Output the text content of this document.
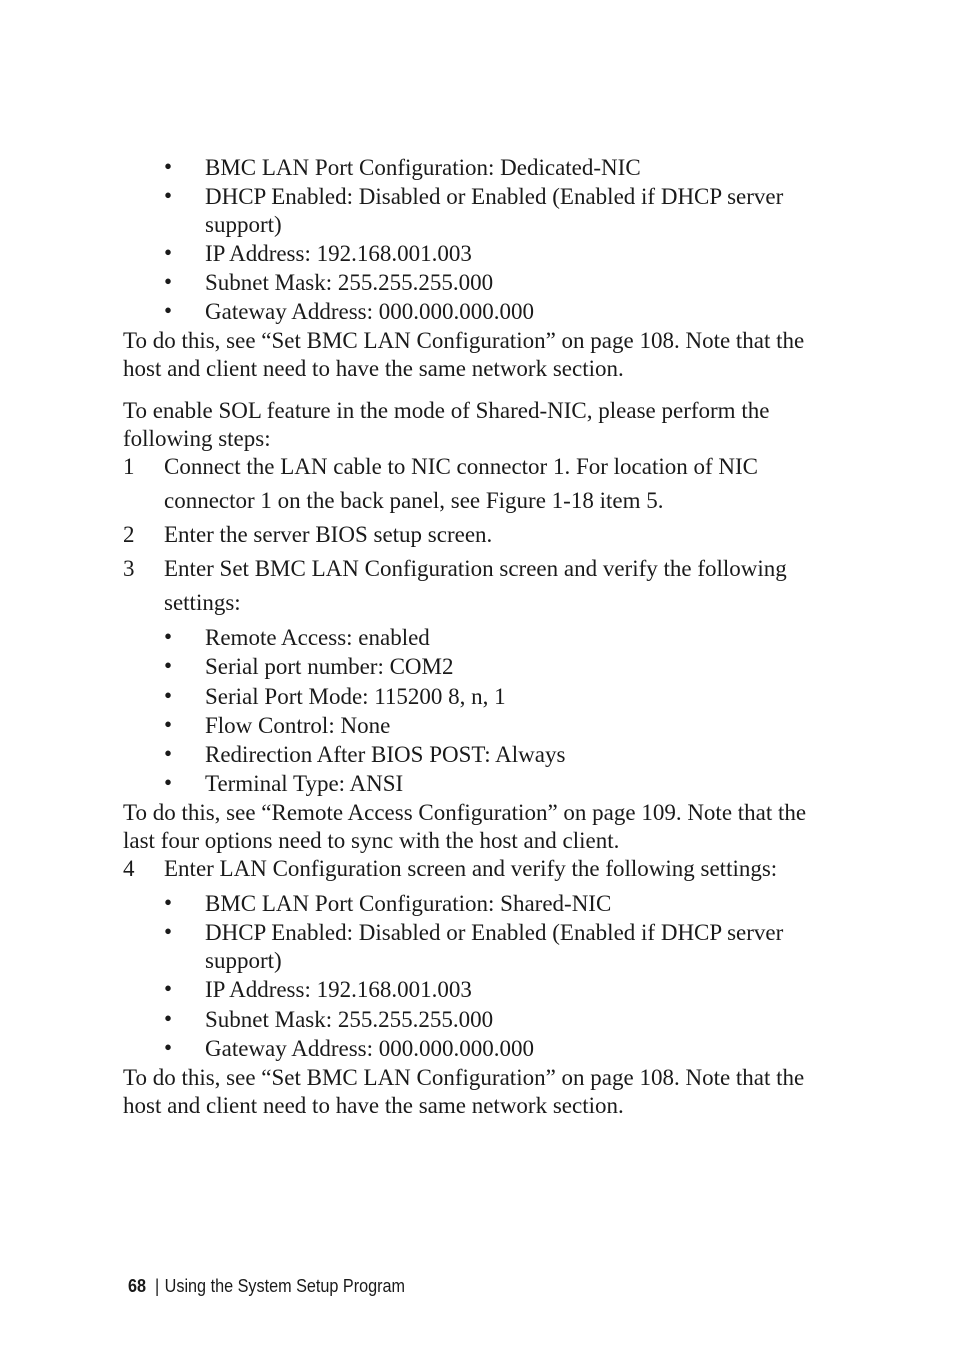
• BMC LAN Port Configuration: Dedicated-NIC
• DHCP Enabled: Disabled or Enabled (Enabled if DHCP server
support)
• IP Address: 192.168.001.003
• Subnet Mask: 255.255.255.000
• Gateway Address: 000.000.000.000
To do this, see “Set BMC LAN Configuration” on page 108. Note that the
host and client need to have the same network section.
To enable SOL feature in the mode of Shared-NIC, please perform the
following steps:
1 Connect the LAN cable to NIC connector 1. For location of NIC
connector 1 on the back panel, see Figure 1-18 item 5.
2 Enter the server BIOS setup screen.
3 Enter Set BMC LAN Configuration screen and verify the following
settings:
• Remote Access: enabled
• Serial port number: COM2
• Serial Port Mode: 115200 8, n, 1
• Flow Control: None
• Redirection After BIOS POST: Always
• Terminal Type: ANSI
To do this, see “Remote Access Configuration” on page 109. Note that the
last four options need to sync with the host and client.
4 Enter LAN Configuration screen and verify the following settings:
• BMC LAN Port Configuration: Shared-NIC
• DHCP Enabled: Disabled or Enabled (Enabled if DHCP server
support)
• IP Address: 192.168.001.003
• Subnet Mask: 255.255.255.000
• Gateway Address: 000.000.000.000
To do this, see “Set BMC LAN Configuration” on page 108. Note that the
host and client need to have the same network section.
68 | Using the System Setup Program
